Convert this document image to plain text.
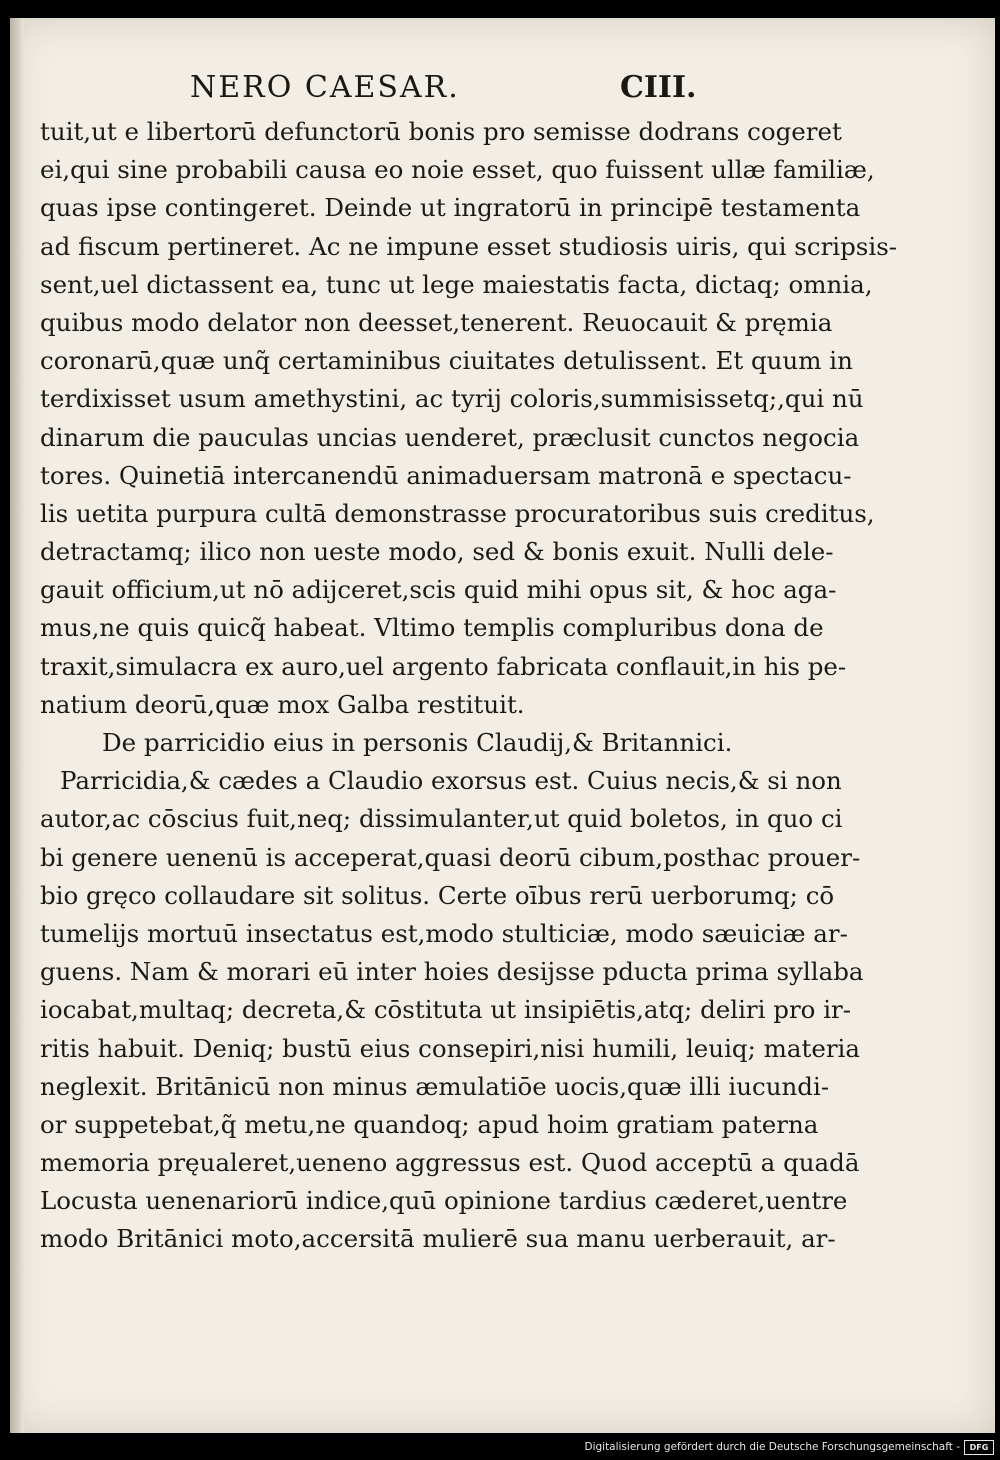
NERO CAESAR.	CIII.
tuit,ut e libertorū defunctorū bonis pro semisse dodrans cogeret
ei,qui sine probabili causa eo noie esset, quo fuissent ullæ familiæ,
quas ipse contingeret. Deinde ut ingratorū in principē testamenta
ad fiscum pertineret. Ac ne impune esset studiosis uiris, qui scripsis-
sent,uel dictassent ea, tunc ut lege maiestatis facta, dictaq; omnia,
quibus modo delator non deesset,tenerent. Reuocauit & pręmia
coronarū,quæ unq̃ certaminibus ciuitates detulissent. Et quum in
terdixisset usum amethystini, ac tyrij coloris,summisissetq;,qui nū
dinarum die pauculas uncias uenderet, præclusit cunctos negocia
tores. Quinetiā intercanendū animaduersam matronā e spectacu-
lis uetita purpura cultā demonstrasse procuratoribus suis creditus,
detractamq; ilico non ueste modo, sed & bonis exuit. Nulli dele-
gauit officium,ut nō adijceret,scis quid mihi opus sit, & hoc aga-
mus,ne quis quicq̃ habeat. Vltimo templis compluribus dona de
traxit,simulacra ex auro,uel argento fabricata conflauit,in his pe-
natium deorū,quæ mox Galba restituit.
De parricidio eius in personis Claudij,& Britannici.
Parricidia,& cædes a Claudio exorsus est. Cuius necis,& si non
autor,ac cōscius fuit,neq; dissimulanter,ut quid boletos, in quo ci
bi genere uenenū is acceperat,quasi deorū cibum,posthac prouer-
bio gręco collaudare sit solitus. Certe oībus rerū uerborumq; cō
tumelijs mortuū insectatus est,modo stulticiæ, modo sæuiciæ ar-
guens. Nam & morari eū inter hoies desijsse pducta prima syllaba
iocabat,multaq; decreta,& cōstituta ut insipiētis,atq; deliri pro ir-
ritis habuit. Deniq; bustū eius consepiri,nisi humili, leuiq; materia
neglexit. Britānicū non minus æmulatiōe uocis,quæ illi iucundi-
or suppetebat,q̃ metu,ne quandoq; apud hoim gratiam paterna
memoria pręualeret,ueneno aggressus est. Quod acceptū a quadā
Locusta uenenariorū indice,quū opinione tardius cæderet,uentre
modo Britānici moto,accersitā mulierē sua manu uerberauit, ar-
Digitalisierung gefördert durch die Deutsche Forschungsgemeinschaft -	DFG
